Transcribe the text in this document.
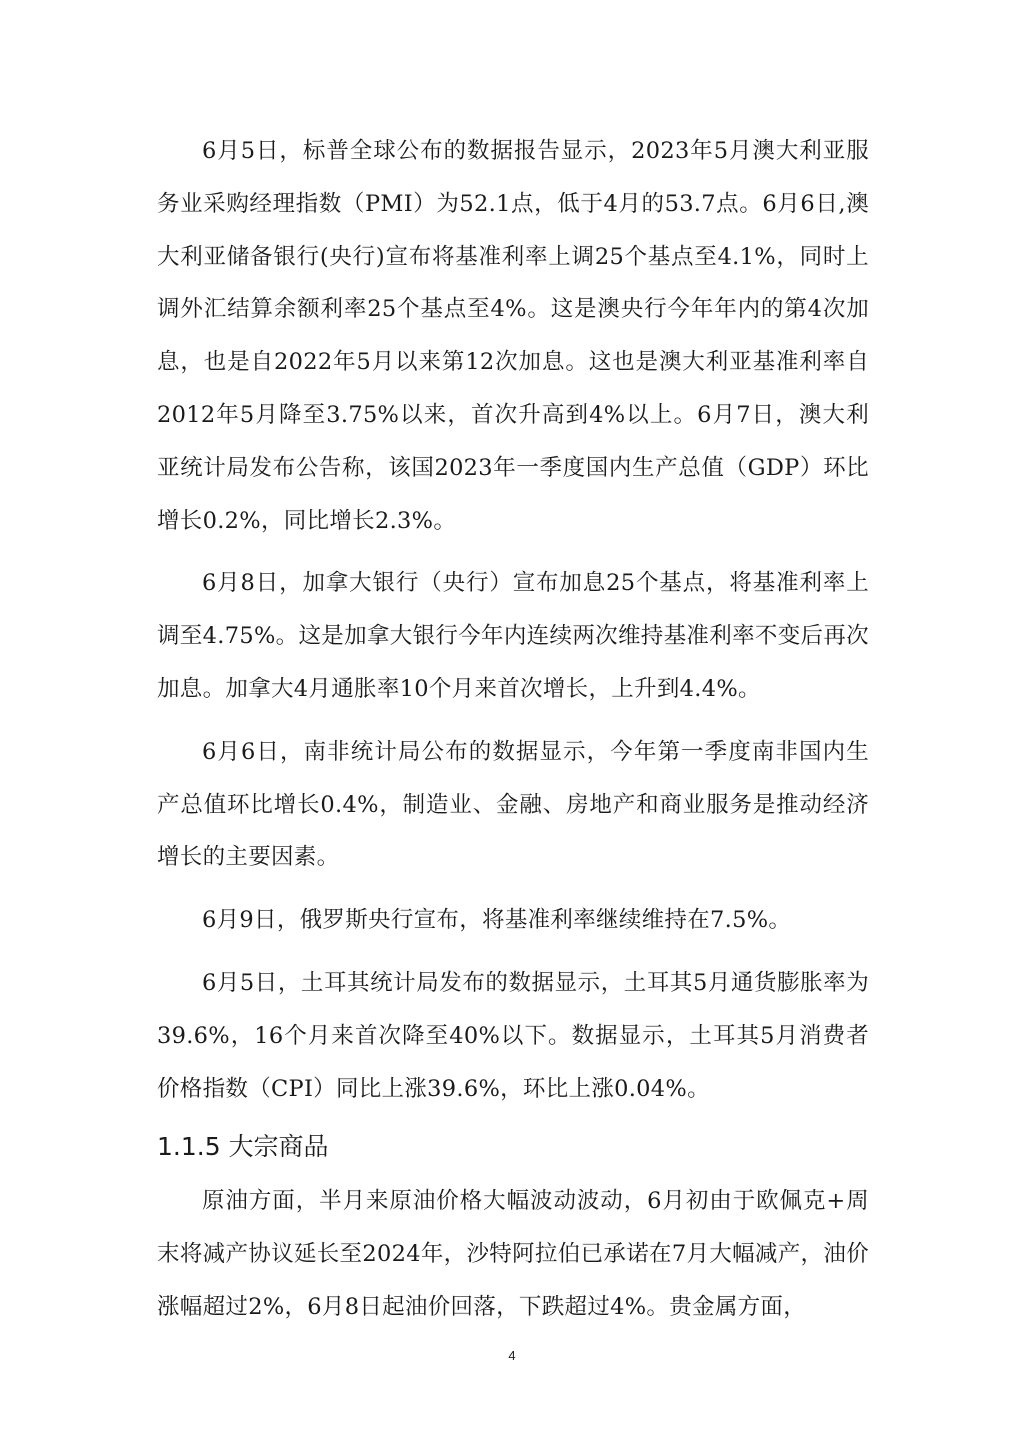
6月5日，标普全球公布的数据报告显示，2023年5月澳大利亚服务业采购经理指数（PMI）为52.1点，低于4月的53.7点。6月6日,澳大利亚储备银行(央行)宣布将基准利率上调25个基点至4.1%，同时上调外汇结算余额利率25个基点至4%。这是澳央行今年年内的第4次加息，也是自2022年5月以来第12次加息。这也是澳大利亚基准利率自2012年5月降至3.75%以来，首次升高到4%以上。6月7日，澳大利亚统计局发布公告称，该国2023年一季度国内生产总值（GDP）环比增长0.2%，同比增长2.3%。

6月8日，加拿大银行（央行）宣布加息25个基点，将基准利率上调至4.75%。这是加拿大银行今年内连续两次维持基准利率不变后再次加息。加拿大4月通胀率10个月来首次增长，上升到4.4%。

6月6日，南非统计局公布的数据显示，今年第一季度南非国内生产总值环比增长0.4%，制造业、金融、房地产和商业服务是推动经济增长的主要因素。

6月9日，俄罗斯央行宣布，将基准利率继续维持在7.5%。

6月5日，土耳其统计局发布的数据显示，土耳其5月通货膨胀率为39.6%，16个月来首次降至40%以下。数据显示，土耳其5月消费者价格指数（CPI）同比上涨39.6%，环比上涨0.04%。

1.1.5 大宗商品

原油方面，半月来原油价格大幅波动波动，6月初由于欧佩克+周末将减产协议延长至2024年，沙特阿拉伯已承诺在7月大幅减产，油价涨幅超过2%，6月8日起油价回落，下跌超过4%。贵金属方面，

4
